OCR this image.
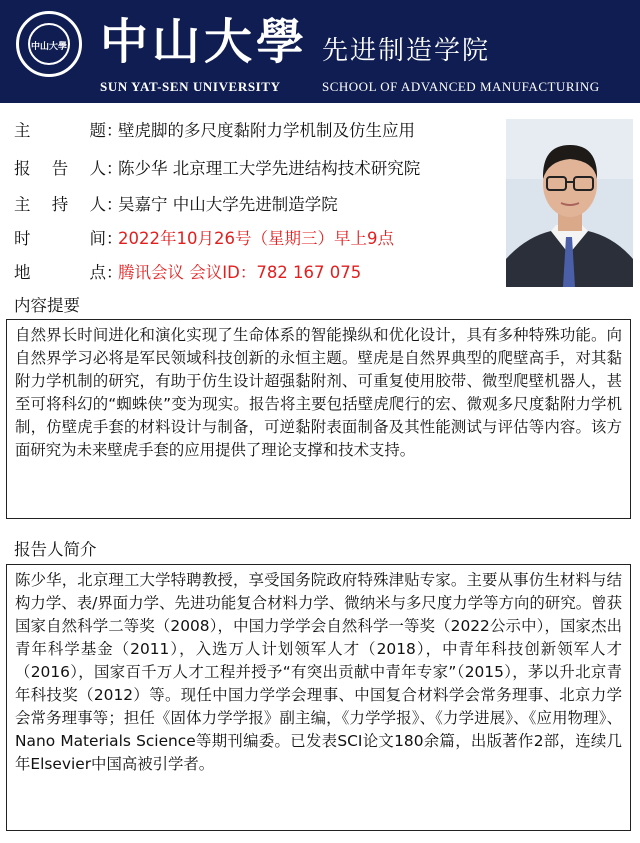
中山大學 中山大學
SUN YAT-SEN UNIVERSITY
先进制造学院
SCHOOL OF ADVANCED MANUFACTURING
主	题 ：
壁虎脚的多尺度黏附力学机制及仿生应用
报 告 人 ：
陈少华 北京理工大学先进结构技术研究院
主 持 人 ：
吴嘉宁 中山大学先进制造学院
时	间 ：
2022年10月26号（星期三）早上9点
地	点 ：
腾讯会议 会议ID：782 167 075
内容提要

自然界长时间进化和演化实现了生命体系的智能操纵和优化设计，具有多种特殊功能。向自然界学习必将是军民领域科技创新的永恒主题。壁虎是自然界典型的爬壁高手，对其黏附力学机制的研究，有助于仿生设计超强黏附剂、可重复使用胶带、微型爬壁机器人，甚至可将科幻的“蜘蛛侠”变为现实。报告将主要包括壁虎爬行的宏、微观多尺度黏附力学机制，仿壁虎手套的材料设计与制备，可逆黏附表面制备及其性能测试与评估等内容。该方面研究为未来壁虎手套的应用提供了理论支撑和技术支持。

报告人简介

陈少华，北京理工大学特聘教授，享受国务院政府特殊津贴专家。主要从事仿生材料与结构力学、表/界面力学、先进功能复合材料力学、微纳米与多尺度力学等方向的研究。曾获国家自然科学二等奖（2008），中国力学学会自然科学一等奖（2022公示中），国家杰出青年科学基金（2011），入选万人计划领军人才（2018），中青年科技创新领军人才（2016），国家百千万人才工程并授予“有突出贡献中青年专家”（2015），茅以升北京青年科技奖（2012）等。现任中国力学学会理事、中国复合材料学会常务理事、北京力学会常务理事等；担任《固体力学学报》副主编，《力学学报》、《力学进展》、《应用物理》、Nano Materials Science等期刊编委。已发表SCI论文180余篇，出版著作2部，连续几年Elsevier中国高被引学者。
